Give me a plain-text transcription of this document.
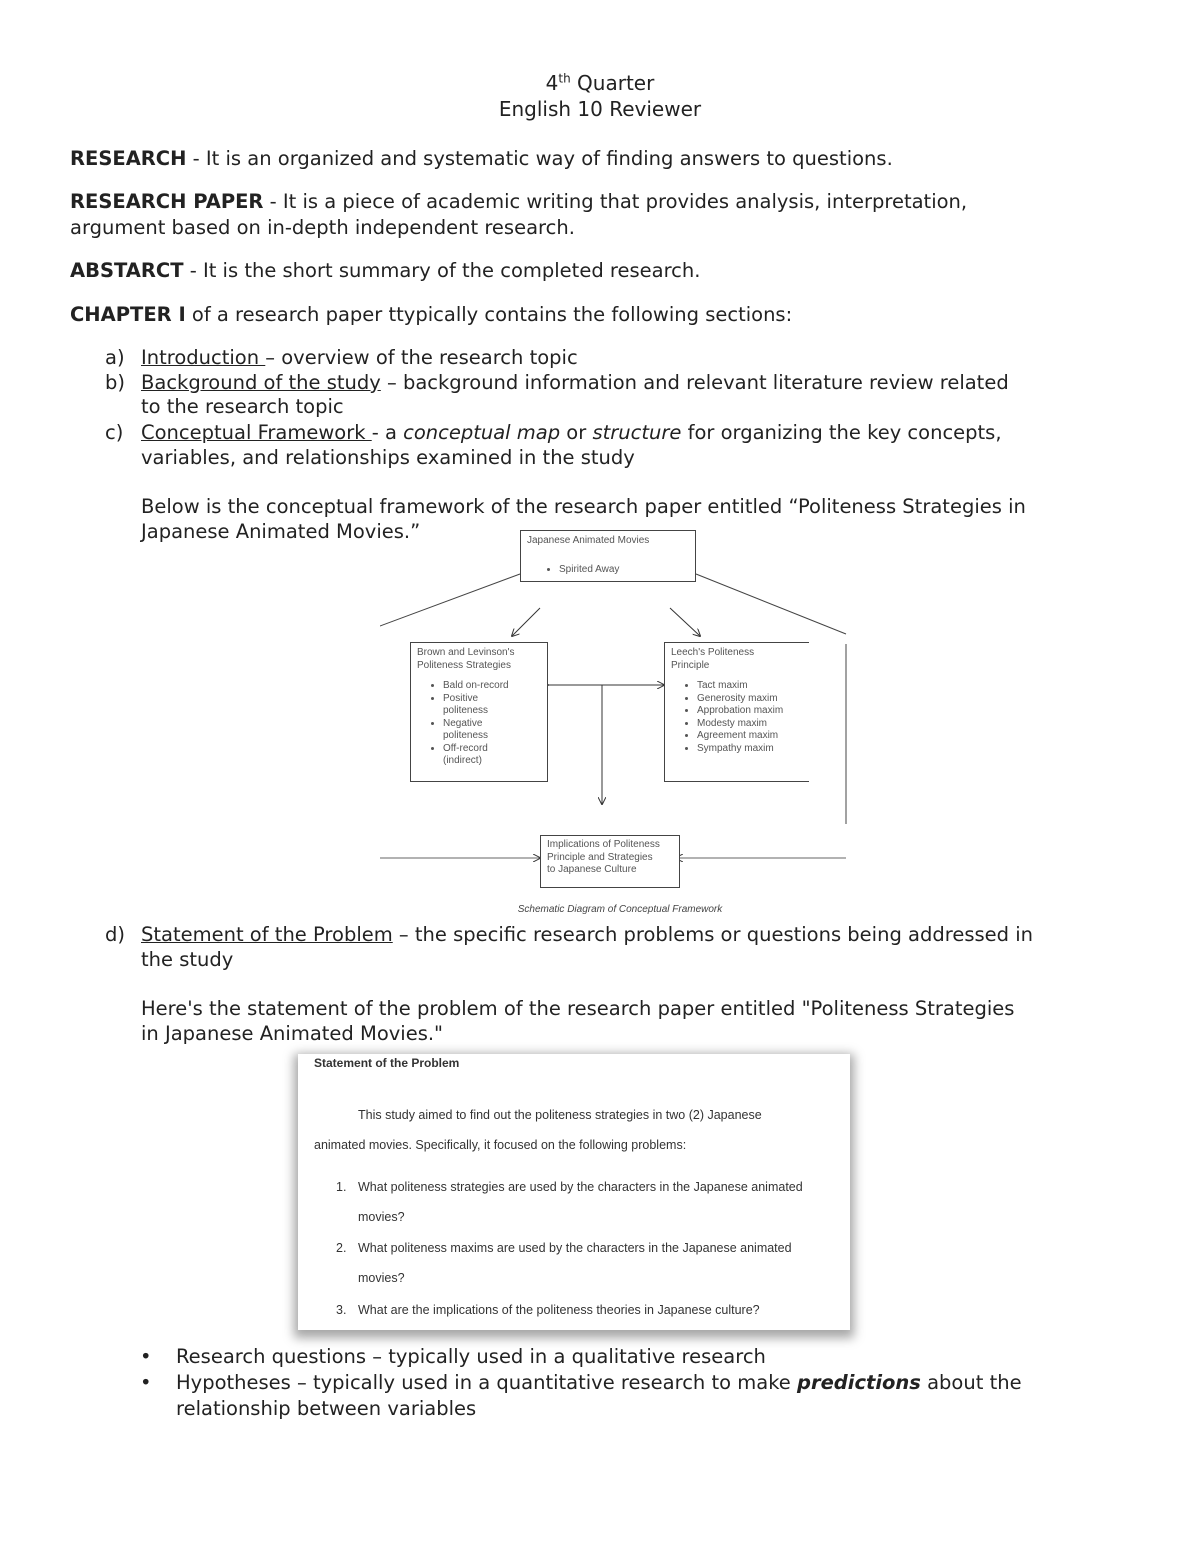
4th Quarter
English 10 Reviewer
RESEARCH - It is an organized and systematic way of finding answers to questions.
RESEARCH PAPER - It is a piece of academic writing that provides analysis, interpretation,
argument based on in-depth independent research.
ABSTARCT - It is the short summary of the completed research.
CHAPTER I of a research paper ttypically contains the following sections:
a) Introduction – overview of the research topic
b) Background of the study – background information and relevant literature review related
to the research topic
c) Conceptual Framework - a conceptual map or structure for organizing the key concepts,
variables, and relationships examined in the study
Below is the conceptual framework of the research paper entitled “Politeness Strategies in
Japanese Animated Movies.”	Japanese Animated Movies
• Spirited Away
Brown and Levinson's
Politeness Strategies
• Bald on-record
• Positive politeness
• Negative politeness
• Off-record (indirect)
Leech's Politeness
Principle
• Tact maxim
• Generosity maxim
• Approbation maxim
• Modesty maxim
• Agreement maxim
• Sympathy maxim
Implications of Politeness
Principle and Strategies
to Japanese Culture
Schematic Diagram of Conceptual Framework
d) Statement of the Problem – the specific research problems or questions being addressed in
the study
Here's the statement of the problem of the research paper entitled "Politeness Strategies
in Japanese Animated Movies."
Statement of the Problem
This study aimed to find out the politeness strategies in two (2) Japanese
animated movies. Specifically, it focused on the following problems:
1. What politeness strategies are used by the characters in the Japanese animated
movies?
2. What politeness maxims are used by the characters in the Japanese animated
movies?
3. What are the implications of the politeness theories in Japanese culture?
• Research questions – typically used in a qualitative research
• Hypotheses – typically used in a quantitative research to make predictions about the
relationship between variables
